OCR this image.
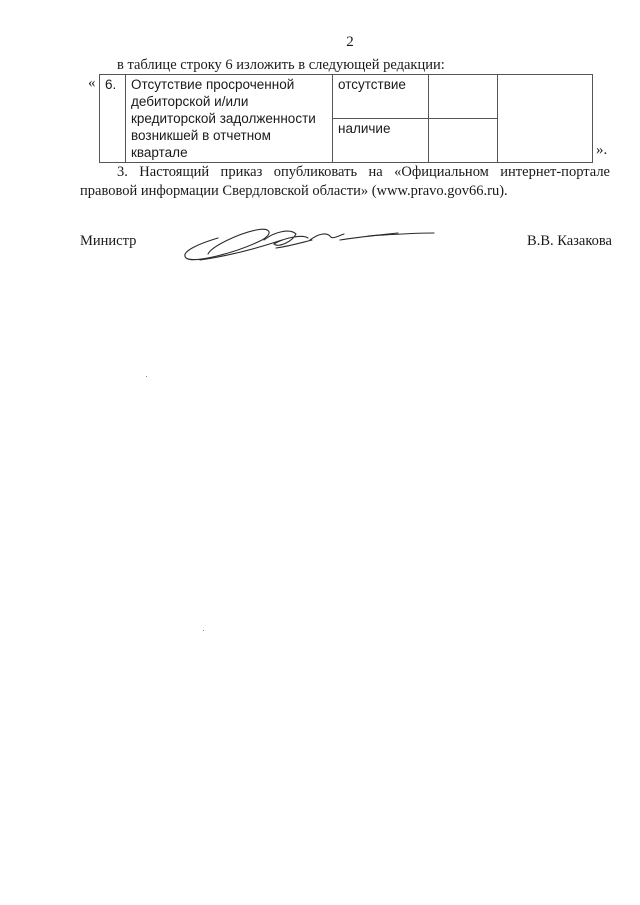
2
в таблице строку 6 изложить в следующей редакции:
« 6.	Отсутствие просроченной дебиторской и/или кредиторской задолженности возникшей в отчетном квартале	отсутствие		
		наличие		
».
3. Настоящий приказ опубликовать на «Официальном интернет-портале
правовой информации Свердловской области» (www.pravo.gov66.ru).
Министр	В.В. Казакова
